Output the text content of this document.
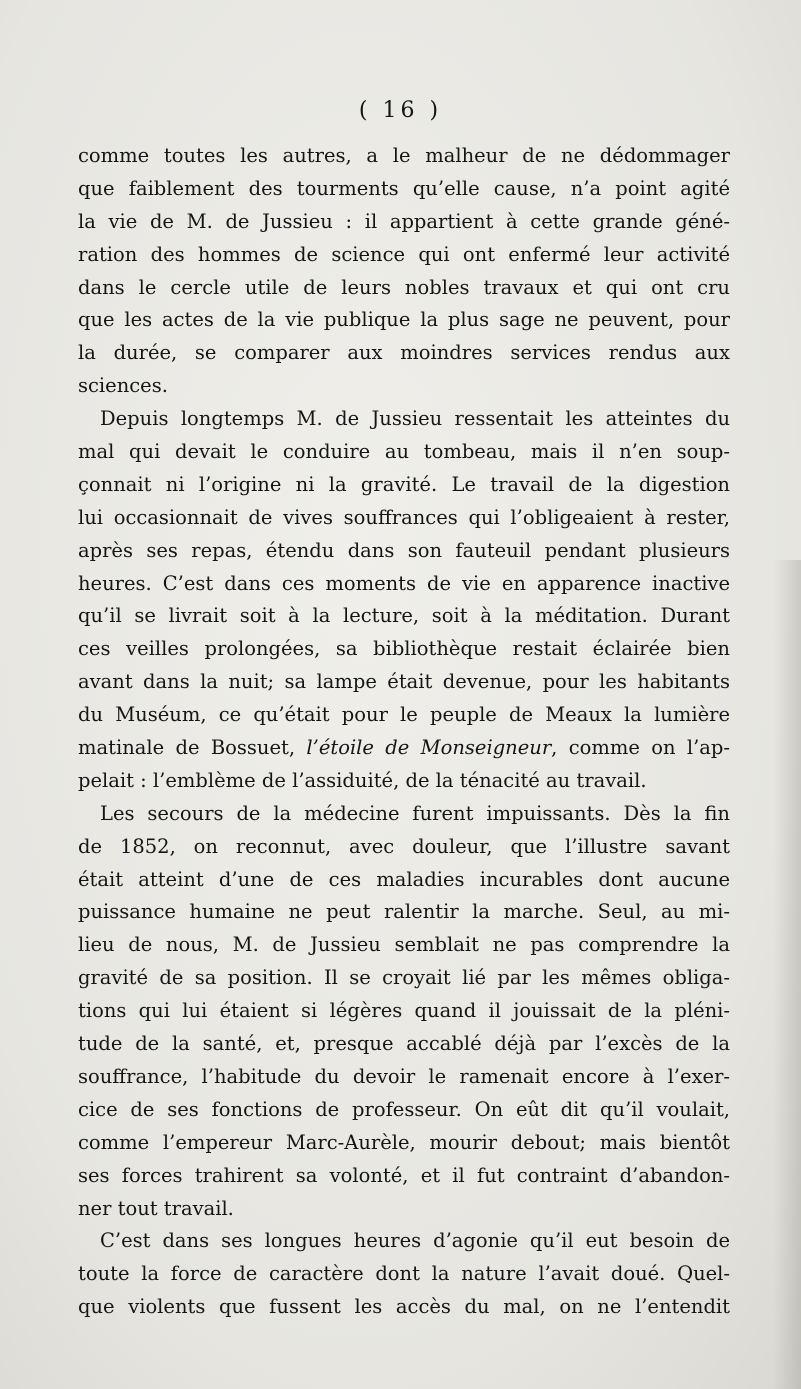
( 16 )
comme toutes les autres, a le malheur de ne dédommager
que faiblement des tourments qu’elle cause, n’a point agité
la vie de M. de Jussieu : il appartient à cette grande géné-
ration des hommes de science qui ont enfermé leur activité
dans le cercle utile de leurs nobles travaux et qui ont cru
que les actes de la vie publique la plus sage ne peuvent, pour
la durée, se comparer aux moindres services rendus aux
sciences.
Depuis longtemps M. de Jussieu ressentait les atteintes du
mal qui devait le conduire au tombeau, mais il n’en soup-
çonnait ni l’origine ni la gravité. Le travail de la digestion
lui occasionnait de vives souffrances qui l’obligeaient à rester,
après ses repas, étendu dans son fauteuil pendant plusieurs
heures. C’est dans ces moments de vie en apparence inactive
qu’il se livrait soit à la lecture, soit à la méditation. Durant
ces veilles prolongées, sa bibliothèque restait éclairée bien
avant dans la nuit; sa lampe était devenue, pour les habitants
du Muséum, ce qu’était pour le peuple de Meaux la lumière
matinale de Bossuet, l’étoile de Monseigneur, comme on l’ap-
pelait : l’emblème de l’assiduité, de la ténacité au travail.
Les secours de la médecine furent impuissants. Dès la fin
de 1852, on reconnut, avec douleur, que l’illustre savant
était atteint d’une de ces maladies incurables dont aucune
puissance humaine ne peut ralentir la marche. Seul, au mi-
lieu de nous, M. de Jussieu semblait ne pas comprendre la
gravité de sa position. Il se croyait lié par les mêmes obliga-
tions qui lui étaient si légères quand il jouissait de la pléni-
tude de la santé, et, presque accablé déjà par l’excès de la
souffrance, l’habitude du devoir le ramenait encore à l’exer-
cice de ses fonctions de professeur. On eût dit qu’il voulait,
comme l’empereur Marc-Aurèle, mourir debout; mais bientôt
ses forces trahirent sa volonté, et il fut contraint d’abandon-
ner tout travail.
C’est dans ses longues heures d’agonie qu’il eut besoin de
toute la force de caractère dont la nature l’avait doué. Quel-
que violents que fussent les accès du mal, on ne l’entendit
